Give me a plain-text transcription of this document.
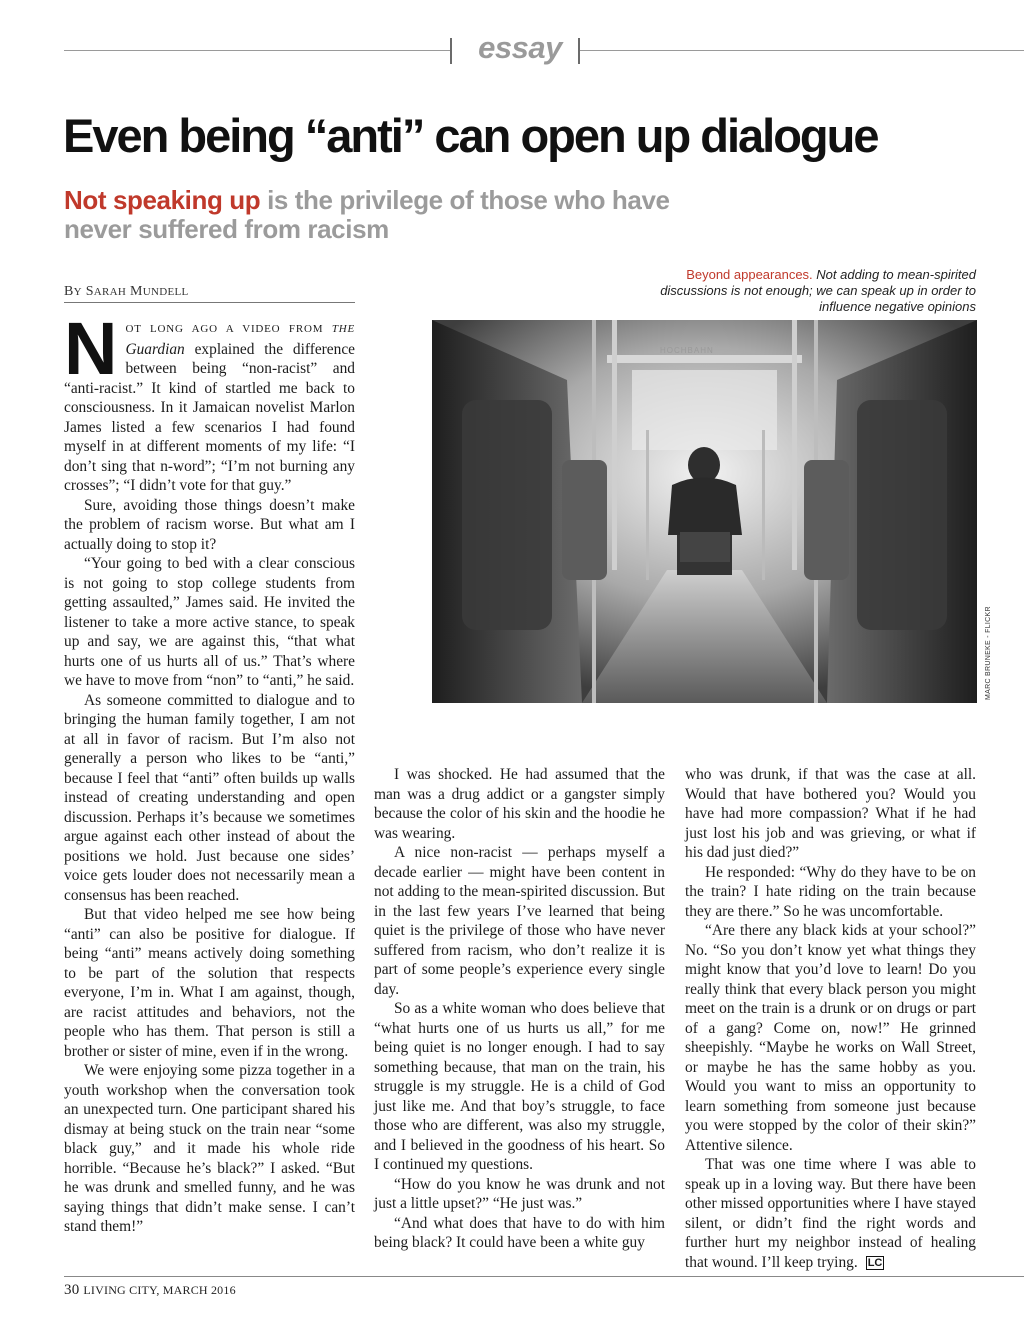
essay
Even being “anti” can open up dialogue
Not speaking up is the privilege of those who have never suffered from racism
BY SARAH MUNDELL
Beyond appearances. Not adding to mean-spirited discussions is not enough; we can speak up in order to influence negative opinions
HOCHBAHN
MARC BRUNEKE - FLICKR

NOT LONG AGO A VIDEO FROM THE Guardian explained the difference between being “non-racist” and “anti-racist.” It kind of startled me back to consciousness. In it Jamaican novelist Marlon James listed a few scenarios I had found myself in at different moments of my life: “I don’t sing that n-word”; “I’m not burning any crosses”; “I didn’t vote for that guy.”

Sure, avoiding those things doesn’t make the problem of racism worse. But what am I actually doing to stop it?

“Your going to bed with a clear conscious is not going to stop college students from getting assaulted,” James said. He invited the listener to take a more active stance, to speak up and say, we are against this, “that what hurts one of us hurts all of us.” That’s where we have to move from “non” to “anti,” he said.

As someone committed to dialogue and to bringing the human family together, I am not at all in favor of racism. But I’m also not generally a person who likes to be “anti,” because I feel that “anti” often builds up walls instead of creating understanding and open discussion. Perhaps it’s because we sometimes argue against each other instead of about the positions we hold. Just because one sides’ voice gets louder does not necessarily mean a consensus has been reached.

But that video helped me see how being “anti” can also be positive for dialogue. If being “anti” means actively doing something to be part of the solution that respects everyone, I’m in. What I am against, though, are racist attitudes and behaviors, not the people who has them. That person is still a brother or sister of mine, even if in the wrong.

We were enjoying some pizza together in a youth workshop when the conversation took an unexpected turn. One participant shared his dismay at being stuck on the train near “some black guy,” and it made his whole ride horrible. “Because he’s black?” I asked. “But he was drunk and smelled funny, and he was saying things that didn’t make sense. I can’t stand them!”

I was shocked. He had assumed that the man was a drug addict or a gangster simply because the color of his skin and the hoodie he was wearing.

A nice non-racist — perhaps myself a decade earlier — might have been content in not adding to the mean-spirited discussion. But in the last few years I’ve learned that being quiet is the privilege of those who have never suffered from racism, who don’t realize it is part of some people’s experience every single day.

So as a white woman who does believe that “what hurts one of us hurts us all,” for me being quiet is no longer enough. I had to say something because, that man on the train, his struggle is my struggle. He is a child of God just like me. And that boy’s struggle, to face those who are different, was also my struggle, and I believed in the goodness of his heart. So I continued my questions.

“How do you know he was drunk and not just a little upset?” “He just was.”

“And what does that have to do with him being black? It could have been a white guy

who was drunk, if that was the case at all. Would that have bothered you? Would you have had more compassion? What if he had just lost his job and was grieving, or what if his dad just died?”

He responded: “Why do they have to be on the train? I hate riding on the train because they are there.” So he was uncomfortable.

“Are there any black kids at your school?” No. “So you don’t know yet what things they might know that you’d love to learn! Do you really think that every black person you might meet on the train is a drunk or on drugs or part of a gang? Come on, now!” He grinned sheepishly. “Maybe he works on Wall Street, or maybe he has the same hobby as you. Would you want to miss an opportunity to learn something from someone just because you were stopped by the color of their skin?” Attentive silence.

That was one time where I was able to speak up in a loving way. But there have been other missed opportunities where I have stayed silent, or didn’t find the right words and further hurt my neighbor instead of healing that wound. I’ll keep trying. LC

30 LIVING CITY, MARCH 2016
